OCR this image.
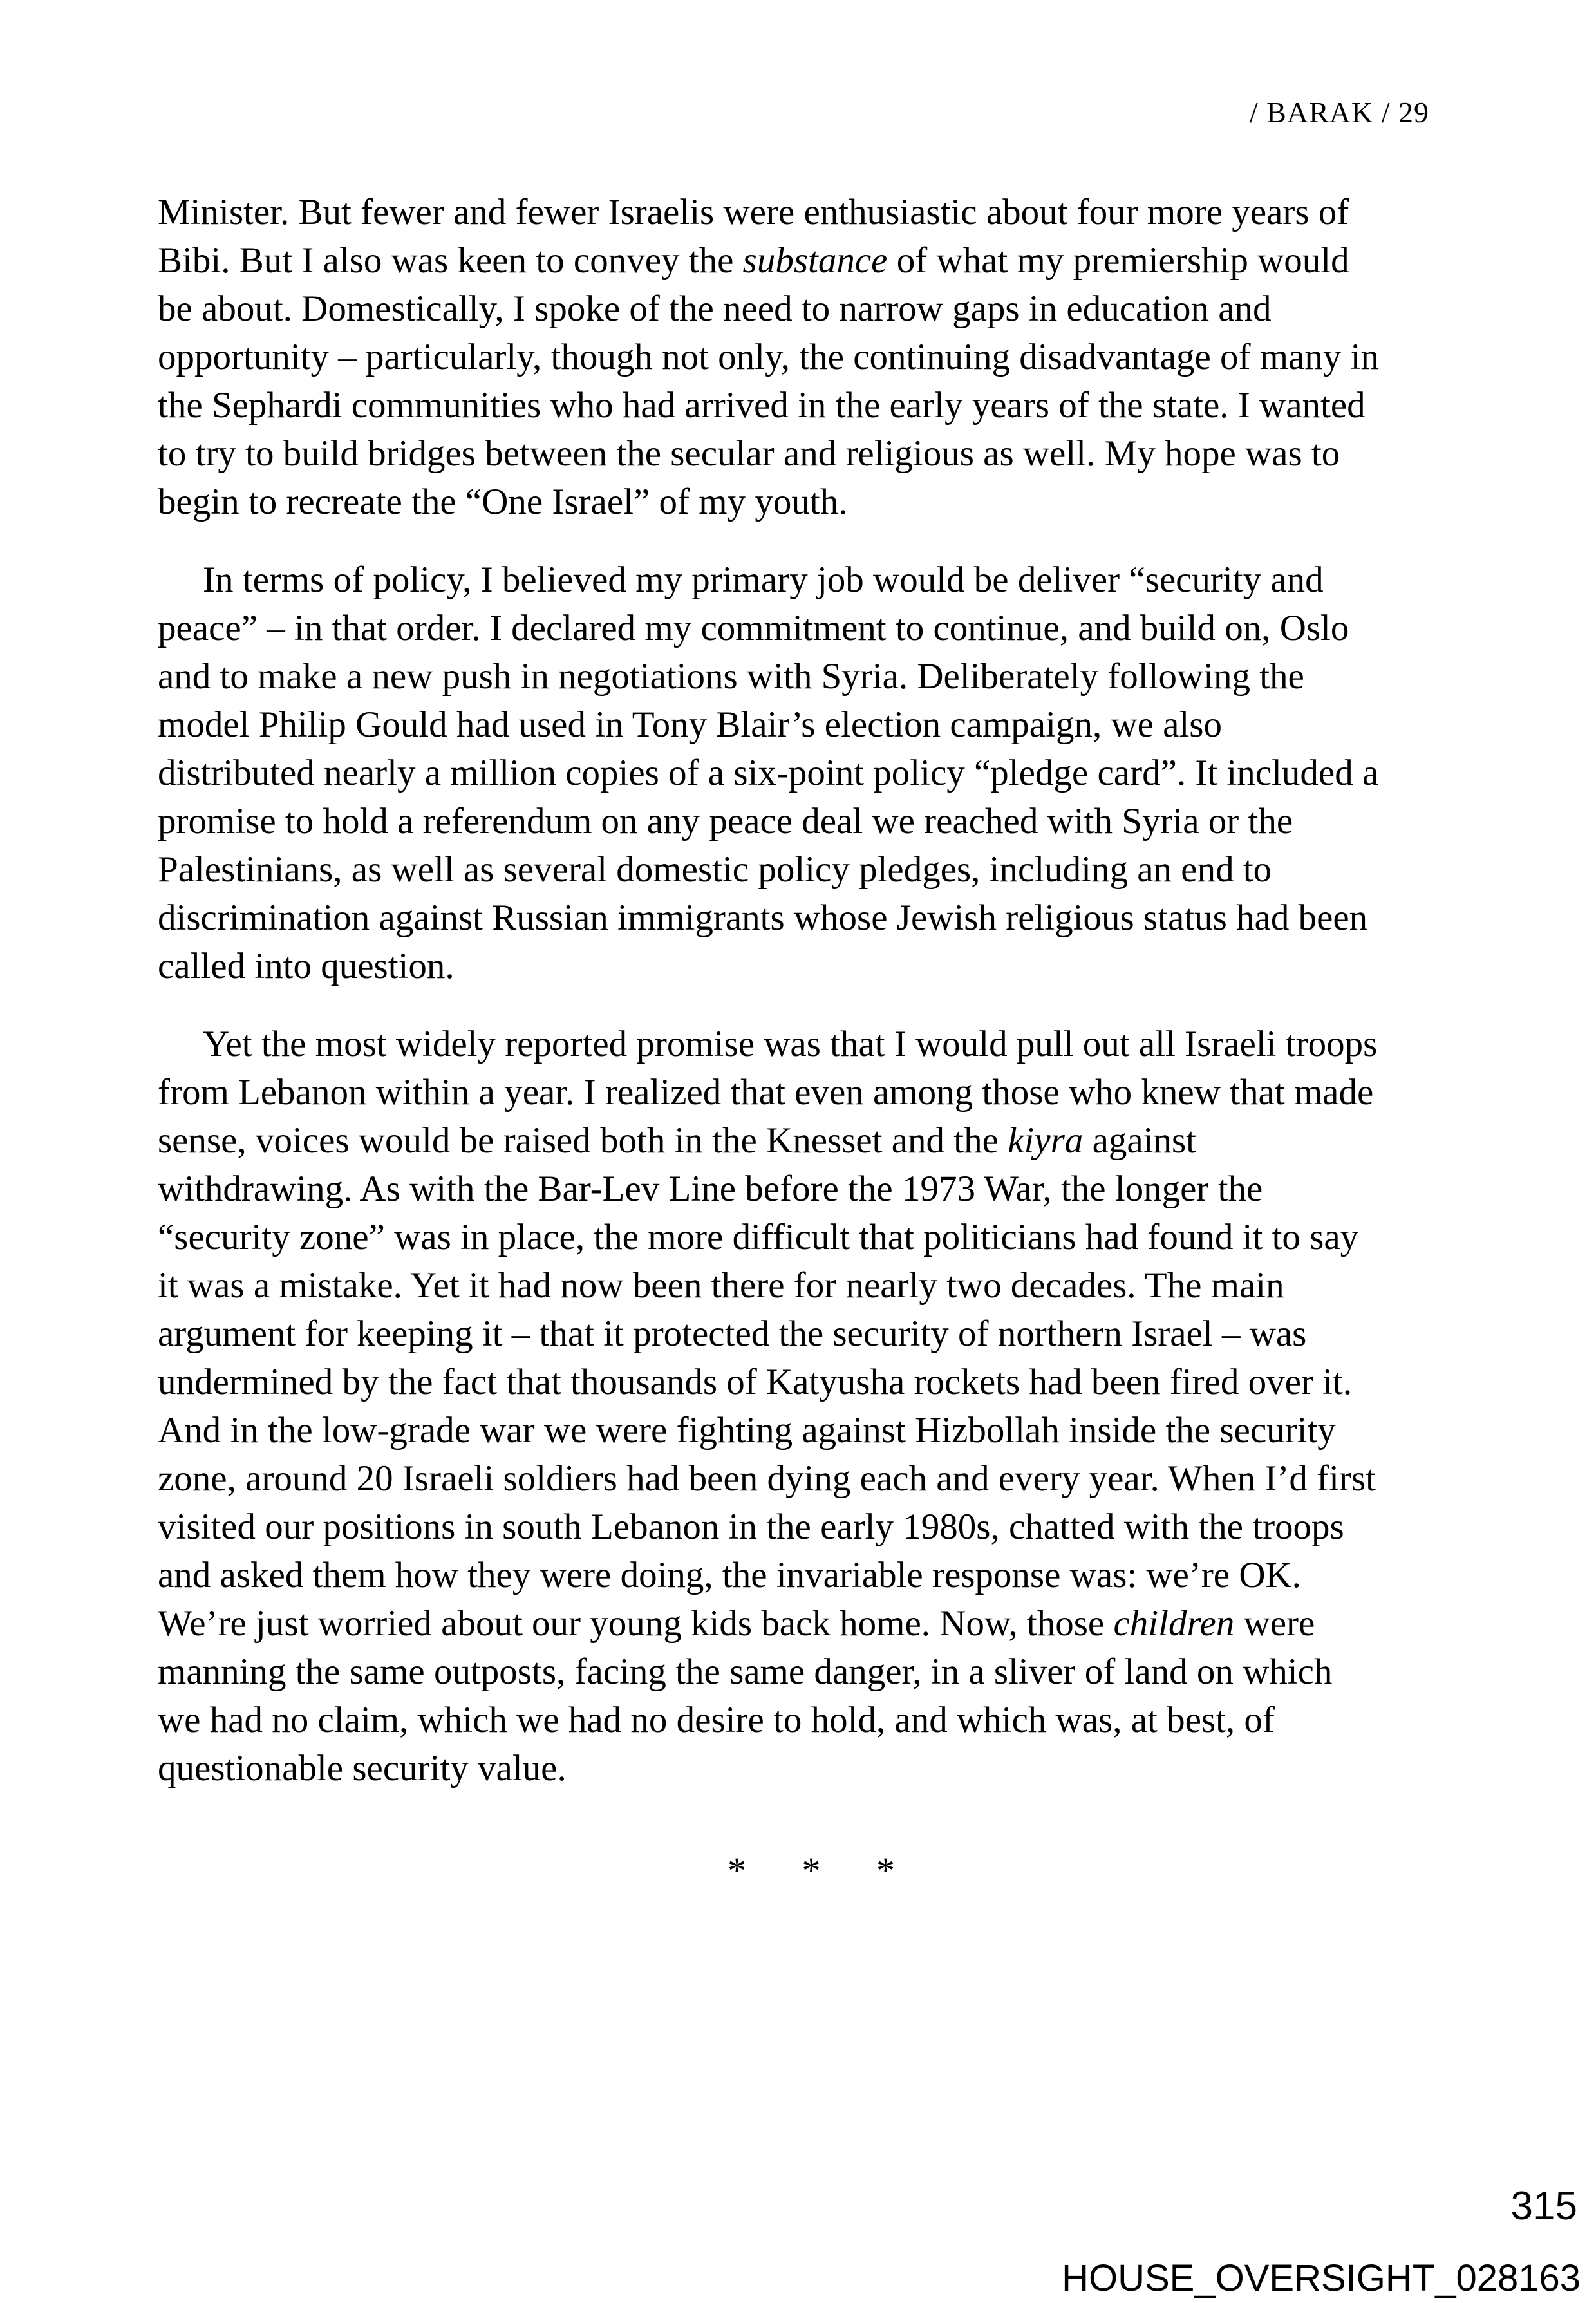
/ BARAK / 29
Minister. But fewer and fewer Israelis were enthusiastic about four more years of
Bibi. But I also was keen to convey the substance of what my premiership would
be about. Domestically, I spoke of the need to narrow gaps in education and
opportunity – particularly, though not only, the continuing disadvantage of many in
the Sephardi communities who had arrived in the early years of the state. I wanted
to try to build bridges between the secular and religious as well. My hope was to
begin to recreate the “One Israel” of my youth.
In terms of policy, I believed my primary job would be deliver “security and
peace” – in that order. I declared my commitment to continue, and build on, Oslo
and to make a new push in negotiations with Syria. Deliberately following the
model Philip Gould had used in Tony Blair’s election campaign, we also
distributed nearly a million copies of a six-point policy “pledge card”. It included a
promise to hold a referendum on any peace deal we reached with Syria or the
Palestinians, as well as several domestic policy pledges, including an end to
discrimination against Russian immigrants whose Jewish religious status had been
called into question.
Yet the most widely reported promise was that I would pull out all Israeli troops
from Lebanon within a year. I realized that even among those who knew that made
sense, voices would be raised both in the Knesset and the kiyra against
withdrawing. As with the Bar-Lev Line before the 1973 War, the longer the
“security zone” was in place, the more difficult that politicians had found it to say
it was a mistake. Yet it had now been there for nearly two decades. The main
argument for keeping it – that it protected the security of northern Israel – was
undermined by the fact that thousands of Katyusha rockets had been fired over it.
And in the low-grade war we were fighting against Hizbollah inside the security
zone, around 20 Israeli soldiers had been dying each and every year. When I’d first
visited our positions in south Lebanon in the early 1980s, chatted with the troops
and asked them how they were doing, the invariable response was: we’re OK.
We’re just worried about our young kids back home. Now, those children were
manning the same outposts, facing the same danger, in a sliver of land on which
we had no claim, which we had no desire to hold, and which was, at best, of
questionable security value.
* * *
315
HOUSE_OVERSIGHT_028163
